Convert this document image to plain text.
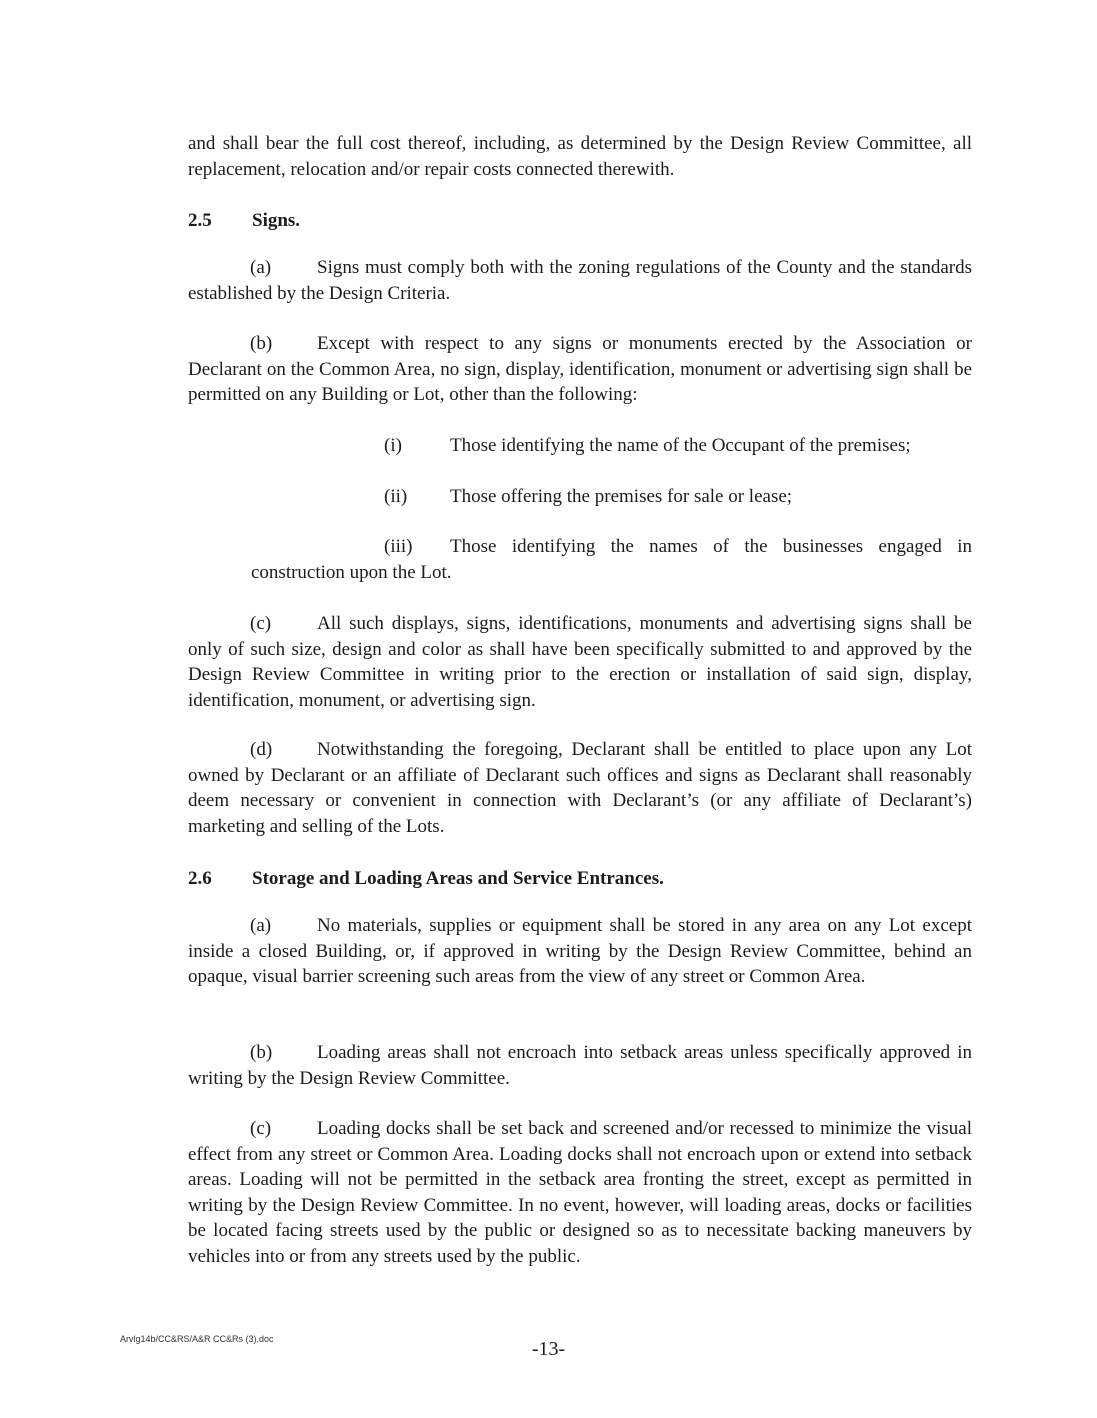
and shall bear the full cost thereof, including, as determined by the Design Review Committee, all replacement, relocation and/or repair costs connected therewith.

2.5 Signs.

(a) Signs must comply both with the zoning regulations of the County and the standards established by the Design Criteria.

(b) Except with respect to any signs or monuments erected by the Association or Declarant on the Common Area, no sign, display, identification, monument or advertising sign shall be permitted on any Building or Lot, other than the following:

(i)	Those identifying the name of the Occupant of the premises;

(ii) Those offering the premises for sale or lease;

(iii) Those identifying the names of the businesses engaged in construction upon the Lot.

(c) All such displays, signs, identifications, monuments and advertising signs shall be only of such size, design and color as shall have been specifically submitted to and approved by the Design Review Committee in writing prior to the erection or installation of said sign, display, identification, monument, or advertising sign.

(d) Notwithstanding the foregoing, Declarant shall be entitled to place upon any Lot owned by Declarant or an affiliate of Declarant such offices and signs as Declarant shall reasonably deem necessary or convenient in connection with Declarant’s (or any affiliate of Declarant’s) marketing and selling of the Lots.

2.6 Storage and Loading Areas and Service Entrances.

(a) No materials, supplies or equipment shall be stored in any area on any Lot except inside a closed Building, or, if approved in writing by the Design Review Committee, behind an opaque, visual barrier screening such areas from the view of any street or Common Area.

(b) Loading areas shall not encroach into setback areas unless specifically approved in writing by the Design Review Committee.

(c) Loading docks shall be set back and screened and/or recessed to minimize the visual effect from any street or Common Area. Loading docks shall not encroach upon or extend into setback areas. Loading will not be permitted in the setback area fronting the street, except as permitted in writing by the Design Review Committee. In no event, however, will loading areas, docks or facilities be located facing streets used by the public or designed so as to necessitate backing maneuvers by vehicles into or from any streets used by the public.

Arvlg14b/CC&RS/A&R CC&Rs (3).doc	-13-
